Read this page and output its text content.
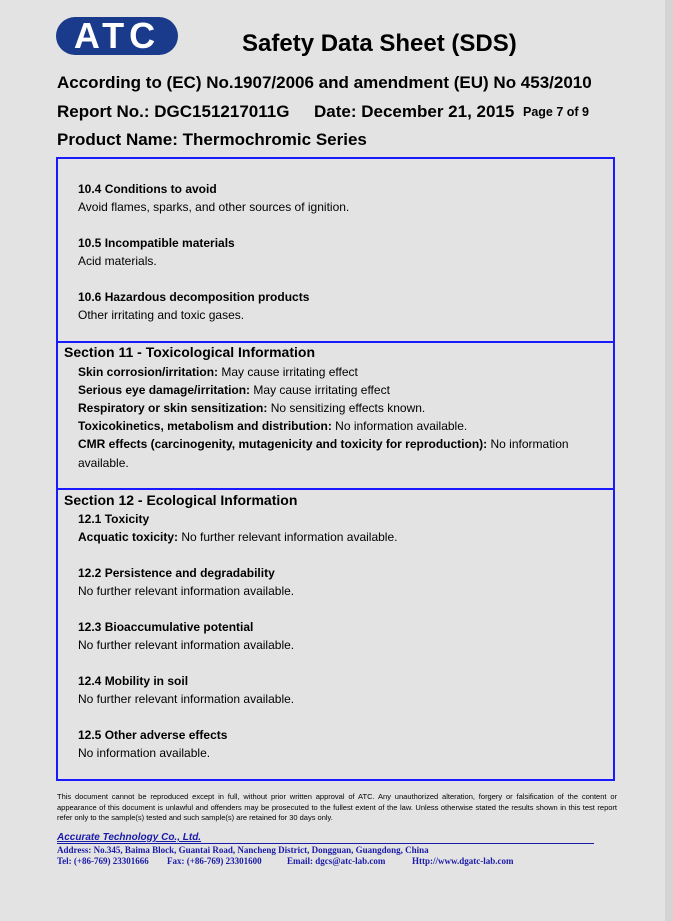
ATC	Safety Data Sheet (SDS)
According to (EC) No.1907/2006 and amendment (EU) No 453/2010
Report No.: DGC151217011G Date: December 21, 2015 Page 7 of 9
Product Name: Thermochromic Series
10.4 Conditions to avoid
Avoid flames, sparks, and other sources of ignition.
10.5 Incompatible materials
Acid materials.
10.6 Hazardous decomposition products
Other irritating and toxic gases.
Section 11 - Toxicological Information
Skin corrosion/irritation: May cause irritating effect
Serious eye damage/irritation: May cause irritating effect
Respiratory or skin sensitization: No sensitizing effects known.
Toxicokinetics, metabolism and distribution: No information available.
CMR effects (carcinogenity, mutagenicity and toxicity for reproduction): No information
available.
Section 12 - Ecological Information
12.1 Toxicity
Acquatic toxicity: No further relevant information available.
12.2 Persistence and degradability
No further relevant information available.
12.3 Bioaccumulative potential
No further relevant information available.
12.4 Mobility in soil
No further relevant information available.
12.5 Other adverse effects
No information available.
This document cannot be reproduced except in full, without prior written approval of ATC. Any unauthorized alteration, forgery or falsification of the content or appearance of this document is unlawful and offenders may be prosecuted to the fullest extent of the law. Unless otherwise stated the results shown in this test report refer only to the sample(s) tested and such sample(s) are retained for 30 days only.
Accurate Technology Co., Ltd.
Address: No.345, Baima Block, Guantai Road, Nancheng District, Dongguan, Guangdong, China
Tel: (+86-769) 23301666 Fax: (+86-769) 23301600	Email: dgcs@atc-lab.com	Http://www.dgatc-lab.com
